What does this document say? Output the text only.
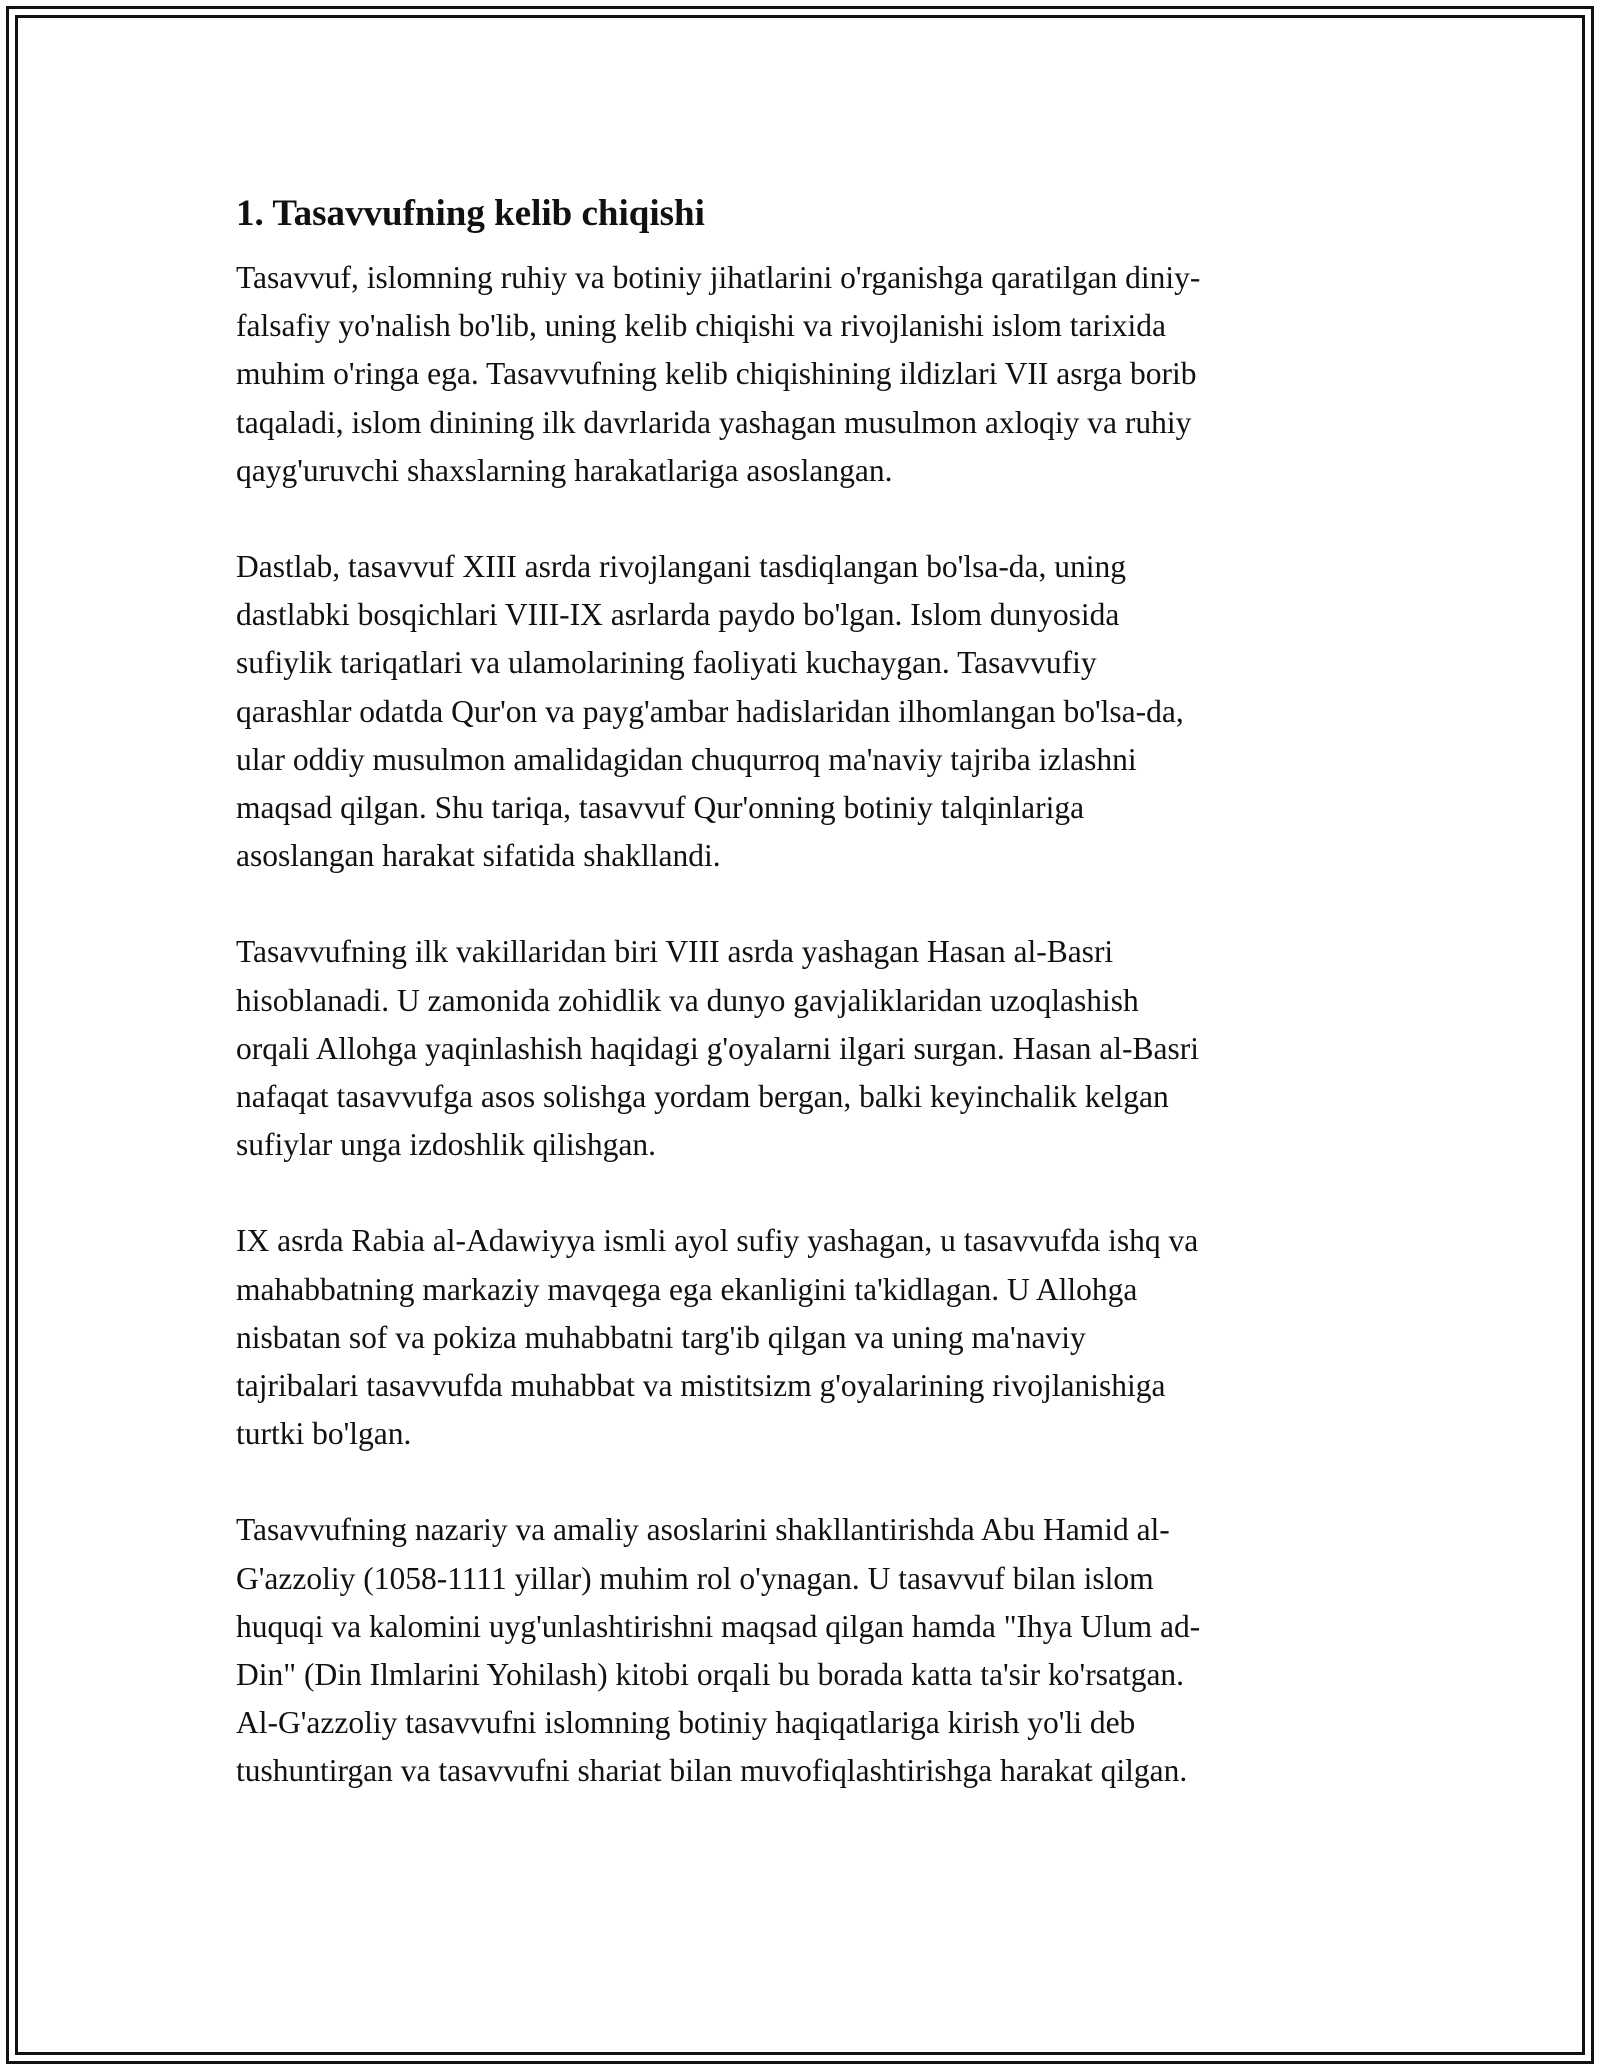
1. Tasavvufning kelib chiqishi

Tasavvuf, islomning ruhiy va botiniy jihatlarini o'rganishga qaratilgan diniy-
falsafiy yo'nalish bo'lib, uning kelib chiqishi va rivojlanishi islom tarixida
muhim o'ringa ega. Tasavvufning kelib chiqishining ildizlari VII asrga borib
taqaladi, islom dinining ilk davrlarida yashagan musulmon axloqiy va ruhiy
qayg'uruvchi shaxslarning harakatlariga asoslangan.

Dastlab, tasavvuf XIII asrda rivojlangani tasdiqlangan bo'lsa-da, uning
dastlabki bosqichlari VIII-IX asrlarda paydo bo'lgan. Islom dunyosida
sufiylik tariqatlari va ulamolarining faoliyati kuchaygan. Tasavvufiy
qarashlar odatda Qur'on va payg'ambar hadislaridan ilhomlangan bo'lsa-da,
ular oddiy musulmon amalidagidan chuqurroq ma'naviy tajriba izlashni
maqsad qilgan. Shu tariqa, tasavvuf Qur'onning botiniy talqinlariga
asoslangan harakat sifatida shakllandi.

Tasavvufning ilk vakillaridan biri VIII asrda yashagan Hasan al-Basri
hisoblanadi. U zamonida zohidlik va dunyo gavjaliklaridan uzoqlashish
orqali Allohga yaqinlashish haqidagi g'oyalarni ilgari surgan. Hasan al-Basri
nafaqat tasavvufga asos solishga yordam bergan, balki keyinchalik kelgan
sufiylar unga izdoshlik qilishgan.

IX asrda Rabia al-Adawiyya ismli ayol sufiy yashagan, u tasavvufda ishq va
mahabbatning markaziy mavqega ega ekanligini ta'kidlagan. U Allohga
nisbatan sof va pokiza muhabbatni targ'ib qilgan va uning ma'naviy
tajribalari tasavvufda muhabbat va mistitsizm g'oyalarining rivojlanishiga
turtki bo'lgan.

Tasavvufning nazariy va amaliy asoslarini shakllantirishda Abu Hamid al-
G'azzoliy (1058-1111 yillar) muhim rol o'ynagan. U tasavvuf bilan islom
huquqi va kalomini uyg'unlashtirishni maqsad qilgan hamda "Ihya Ulum ad-
Din" (Din Ilmlarini Yohilash) kitobi orqali bu borada katta ta'sir ko'rsatgan.
Al-G'azzoliy tasavvufni islomning botiniy haqiqatlariga kirish yo'li deb
tushuntirgan va tasavvufni shariat bilan muvofiqlashtirishga harakat qilgan.
